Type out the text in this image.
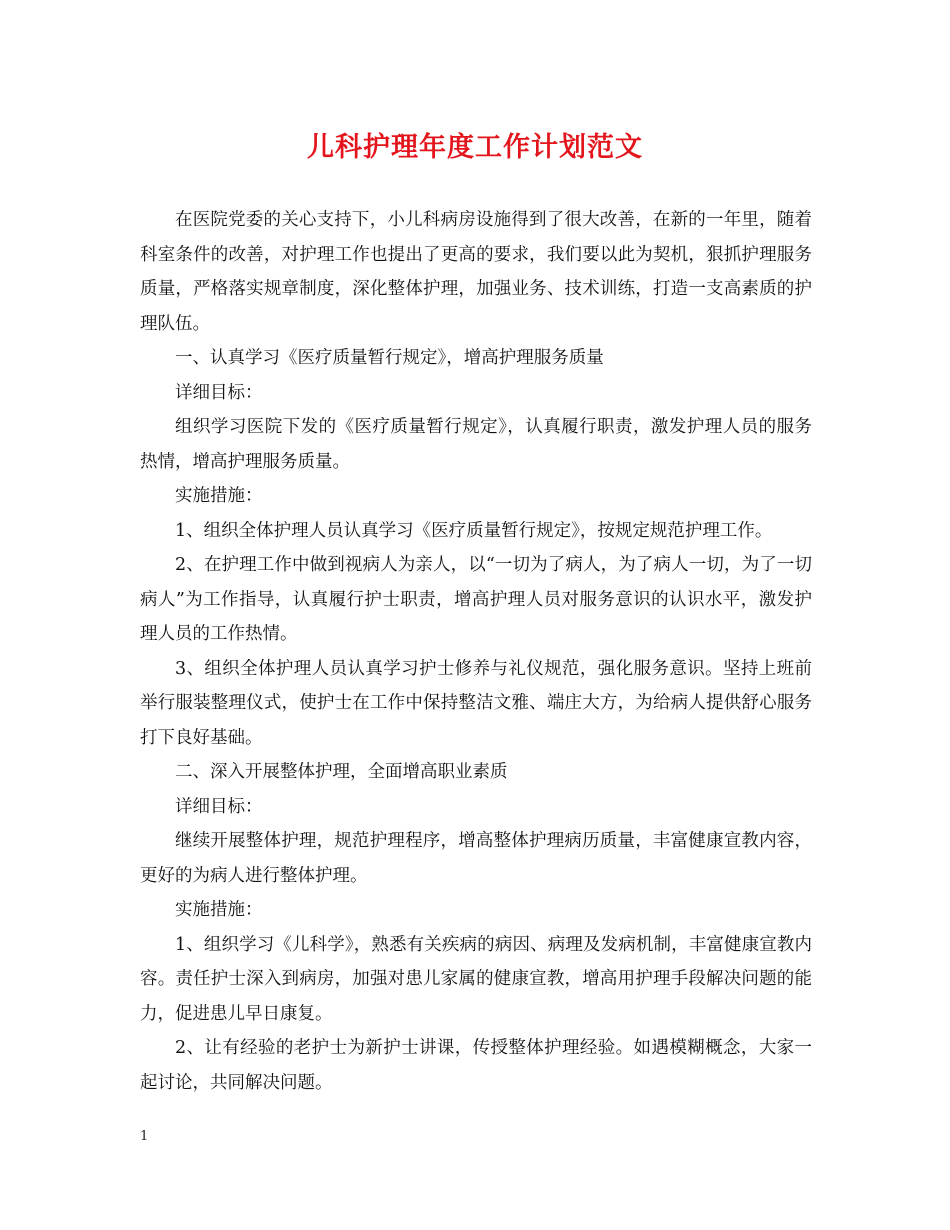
儿科护理年度工作计划范文

在医院党委的关心支持下，小儿科病房设施得到了很大改善，在新的一年里，随着科室条件的改善，对护理工作也提出了更高的要求，我们要以此为契机，狠抓护理服务质量，严格落实规章制度，深化整体护理，加强业务、技术训练，打造一支高素质的护理队伍。

一、认真学习《医疗质量暂行规定》，增高护理服务质量

详细目标：

组织学习医院下发的《医疗质量暂行规定》，认真履行职责，激发护理人员的服务热情，增高护理服务质量。

实施措施：

1、组织全体护理人员认真学习《医疗质量暂行规定》，按规定规范护理工作。

2、在护理工作中做到视病人为亲人，以“一切为了病人，为了病人一切，为了一切病人”为工作指导，认真履行护士职责，增高护理人员对服务意识的认识水平，激发护理人员的工作热情。

3、组织全体护理人员认真学习护士修养与礼仪规范，强化服务意识。坚持上班前举行服装整理仪式，使护士在工作中保持整洁文雅、端庄大方，为给病人提供舒心服务打下良好基础。

二、深入开展整体护理，全面增高职业素质

详细目标：

继续开展整体护理，规范护理程序，增高整体护理病历质量，丰富健康宣教内容，更好的为病人进行整体护理。

实施措施：

1、组织学习《儿科学》，熟悉有关疾病的病因、病理及发病机制，丰富健康宣教内容。责任护士深入到病房，加强对患儿家属的健康宣教，增高用护理手段解决问题的能力，促进患儿早日康复。

2、让有经验的老护士为新护士讲课，传授整体护理经验。如遇模糊概念，大家一起讨论，共同解决问题。

1
